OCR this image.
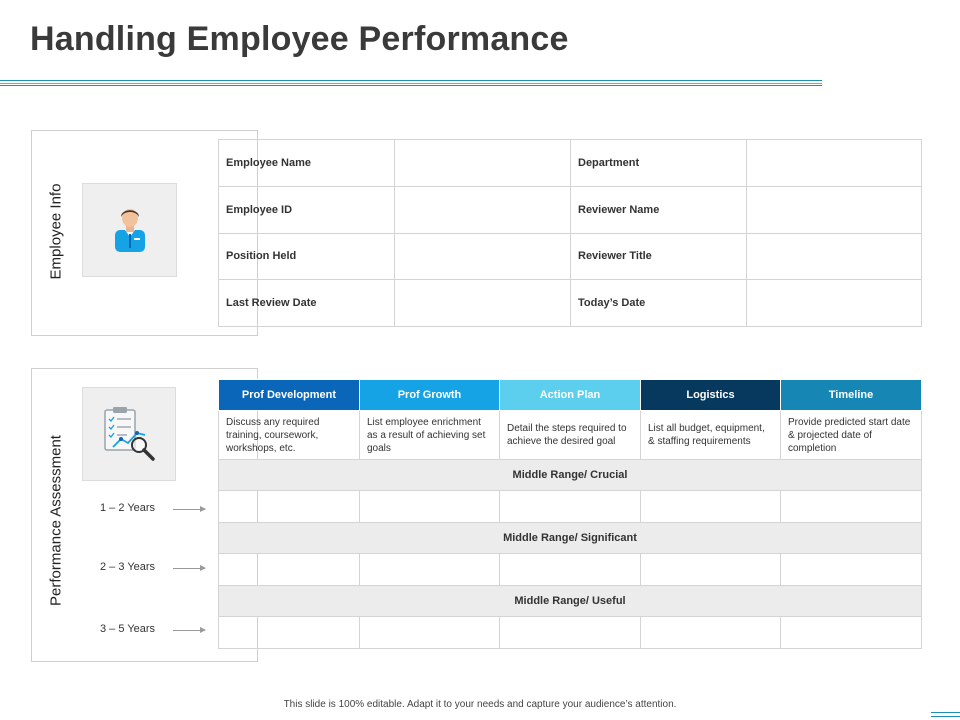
Handling Employee Performance
Employee Info
Employee Name		Department	
Employee ID		Reviewer Name	
Position Held		Reviewer Title	
Last Review Date		Today’s Date	
Performance Assessment	1 – 2 Years
2 – 3 Years
3 – 5 Years
Prof Development	Prof Growth	Action Plan	Logistics	Timeline
Discuss any required training, coursework, workshops, etc.	List employee enrichment as a result of achieving set goals	Detail the steps required to achieve the desired goal	List all budget, equipment, & staffing requirements	Provide predicted start date & projected date of completion
Middle Range/ Crucial				

Middle Range/ Significant				

Middle Range/ Useful				

This slide is 100% editable. Adapt it to your needs and capture your audience’s attention.
